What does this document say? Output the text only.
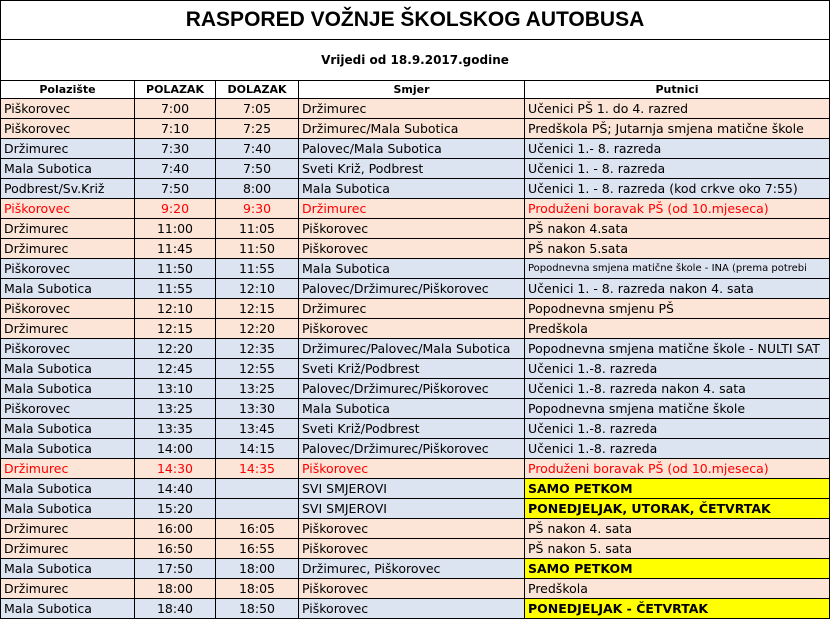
RASPORED VOŽNJE ŠKOLSKOG AUTOBUSA				
Vrijedi od 18.9.2017.godine				
Polazište	POLAZAK	DOLAZAK	Smjer	Putnici
Piškorovec	7:00	7:05	Držimurec	Učenici PŠ 1. do 4. razred
Piškorovec	7:10	7:25	Držimurec/Mala Subotica	Predškola PŠ; Jutarnja smjena matične škole
Držimurec	7:30	7:40	Palovec/Mala Subotica	Učenici 1.- 8. razreda
Mala Subotica	7:40	7:50	Sveti Križ, Podbrest	Učenici 1. - 8. razreda
Podbrest/Sv.Križ	7:50	8:00	Mala Subotica	Učenici 1. - 8. razreda (kod crkve oko 7:55)
Piškorovec	9:20	9:30	Držimurec	Produženi boravak PŠ (od 10.mjeseca)
Držimurec	11:00	11:05	Piškorovec	PŠ nakon 4.sata
Držimurec	11:45	11:50	Piškorovec	PŠ nakon 5.sata
Piškorovec	11:50	11:55	Mala Subotica	Popodnevna smjena matične škole - INA (prema potrebi
Mala Subotica	11:55	12:10	Palovec/Držimurec/Piškorovec	Učenici 1. - 8. razreda nakon 4. sata
Piškorovec	12:10	12:15	Držimurec	Popodnevna smjenu PŠ
Držimurec	12:15	12:20	Piškorovec	Predškola
Piškorovec	12:20	12:35	Držimurec/Palovec/Mala Subotica	Popodnevna smjena matične škole - NULTI SAT
Mala Subotica	12:45	12:55	Sveti Križ/Podbrest	Učenici 1.-8. razreda
Mala Subotica	13:10	13:25	Palovec/Držimurec/Piškorovec	Učenici 1.-8. razreda nakon 4. sata
Piškorovec	13:25	13:30	Mala Subotica	Popodnevna smjena matične škole
Mala Subotica	13:35	13:45	Sveti Križ/Podbrest	Učenici 1.-8. razreda
Mala Subotica	14:00	14:15	Palovec/Držimurec/Piškorovec	Učenici 1.-8. razreda
Držimurec	14:30	14:35	Piškorovec	Produženi boravak PŠ (od 10.mjeseca)
Mala Subotica	14:40		SVI SMJEROVI	SAMO PETKOM
Mala Subotica	15:20		SVI SMJEROVI	PONEDJELJAK, UTORAK, ČETVRTAK
Držimurec	16:00	16:05	Piškorovec	PŠ nakon 4. sata
Držimurec	16:50	16:55	Piškorovec	PŠ nakon 5. sata
Mala Subotica	17:50	18:00	Držimurec, Piškorovec	SAMO PETKOM
Držimurec	18:00	18:05	Piškorovec	Predškola
Mala Subotica	18:40	18:50	Piškorovec	PONEDJELJAK - ČETVRTAK
